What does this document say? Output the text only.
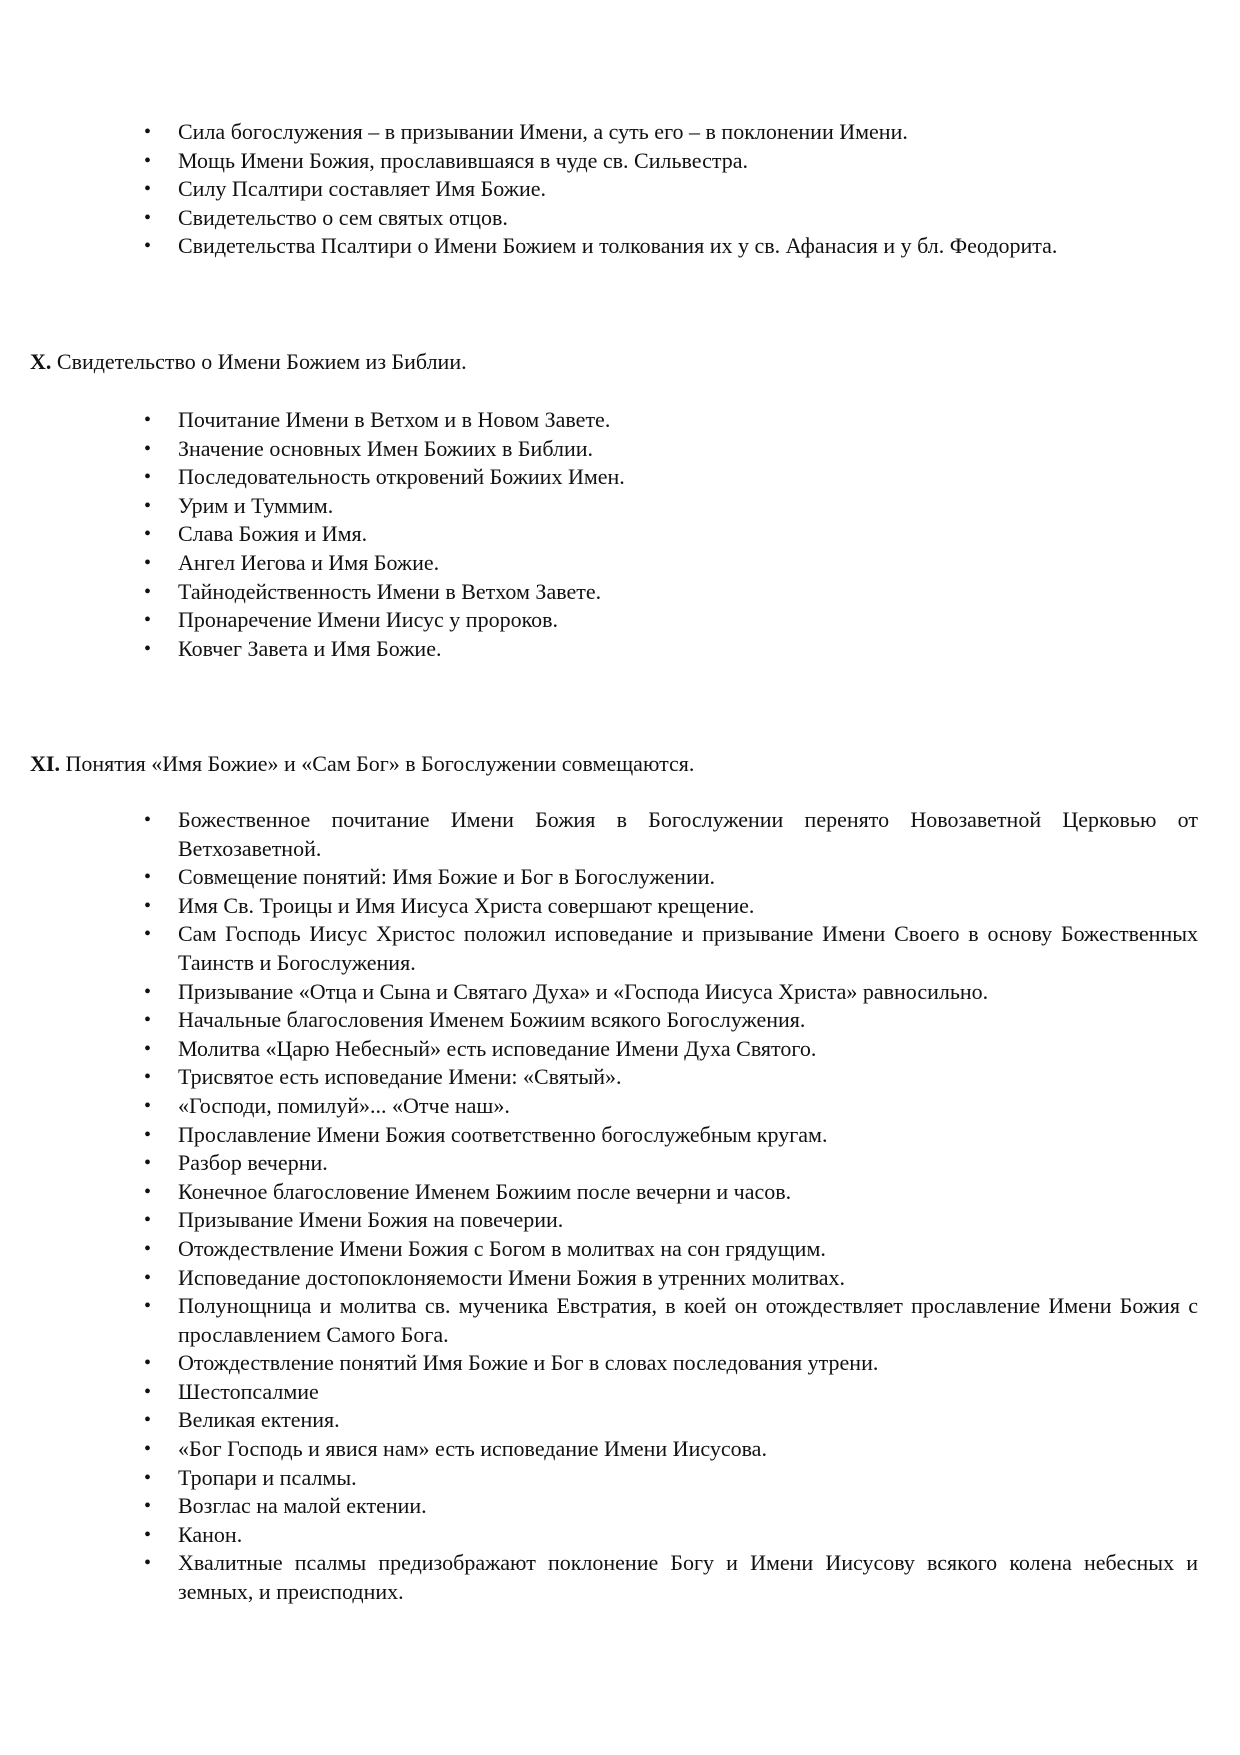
• Сила богослужения – в призывании Имени, а суть его – в поклонении Имени.
• Мощь Имени Божия, прославившаяся в чуде св. Сильвестра.
• Силу Псалтири составляет Имя Божие.
• Свидетельство о сем святых отцов.
• Свидетельства Псалтири о Имени Божием и толкования их у св. Афанасия и у бл. Феодорита.
X. Свидетельство о Имени Божием из Библии.
• Почитание Имени в Ветхом и в Новом Завете.
• Значение основных Имен Божиих в Библии.
• Последовательность откровений Божиих Имен.
• Урим и Туммим.
• Слава Божия и Имя.
• Ангел Иегова и Имя Божие.
• Тайнодейственность Имени в Ветхом Завете.
• Пронаречение Имени Иисус у пророков.
• Ковчег Завета и Имя Божие.
XI. Понятия «Имя Божие» и «Сам Бог» в Богослужении совмещаются.
• Божественное почитание Имени Божия в Богослужении перенято Новозаветной Церковью от Ветхозаветной.
• Совмещение понятий: Имя Божие и Бог в Богослужении.
• Имя Св. Троицы и Имя Иисуса Христа совершают крещение.
• Сам Господь Иисус Христос положил исповедание и призывание Имени Своего в основу Божественных Таинств и Богослужения.
• Призывание «Отца и Сына и Святаго Духа» и «Господа Иисуса Христа» равносильно.
• Начальные благословения Именем Божиим всякого Богослужения.
• Молитва «Царю Небесный» есть исповедание Имени Духа Святого.
• Трисвятое есть исповедание Имени: «Святый».
• «Господи, помилуй»... «Отче наш».
• Прославление Имени Божия соответственно богослужебным кругам.
• Разбор вечерни.
• Конечное благословение Именем Божиим после вечерни и часов.
• Призывание Имени Божия на повечерии.
• Отождествление Имени Божия с Богом в молитвах на сон грядущим.
• Исповедание достопоклоняемости Имени Божия в утренних молитвах.
• Полунощница и молитва св. мученика Евстратия, в коей он отождествляет прославление Имени Божия с прославлением Самого Бога.
• Отождествление понятий Имя Божие и Бог в словах последования утрени.
• Шестопсалмие
• Великая ектения.
• «Бог Господь и явися нам» есть исповедание Имени Иисусова.
• Тропари и псалмы.
• Возглас на малой ектении.
• Канон.
• Хвалитные псалмы предизображают поклонение Богу и Имени Иисусову всякого колена небесных и земных, и преисподних.
